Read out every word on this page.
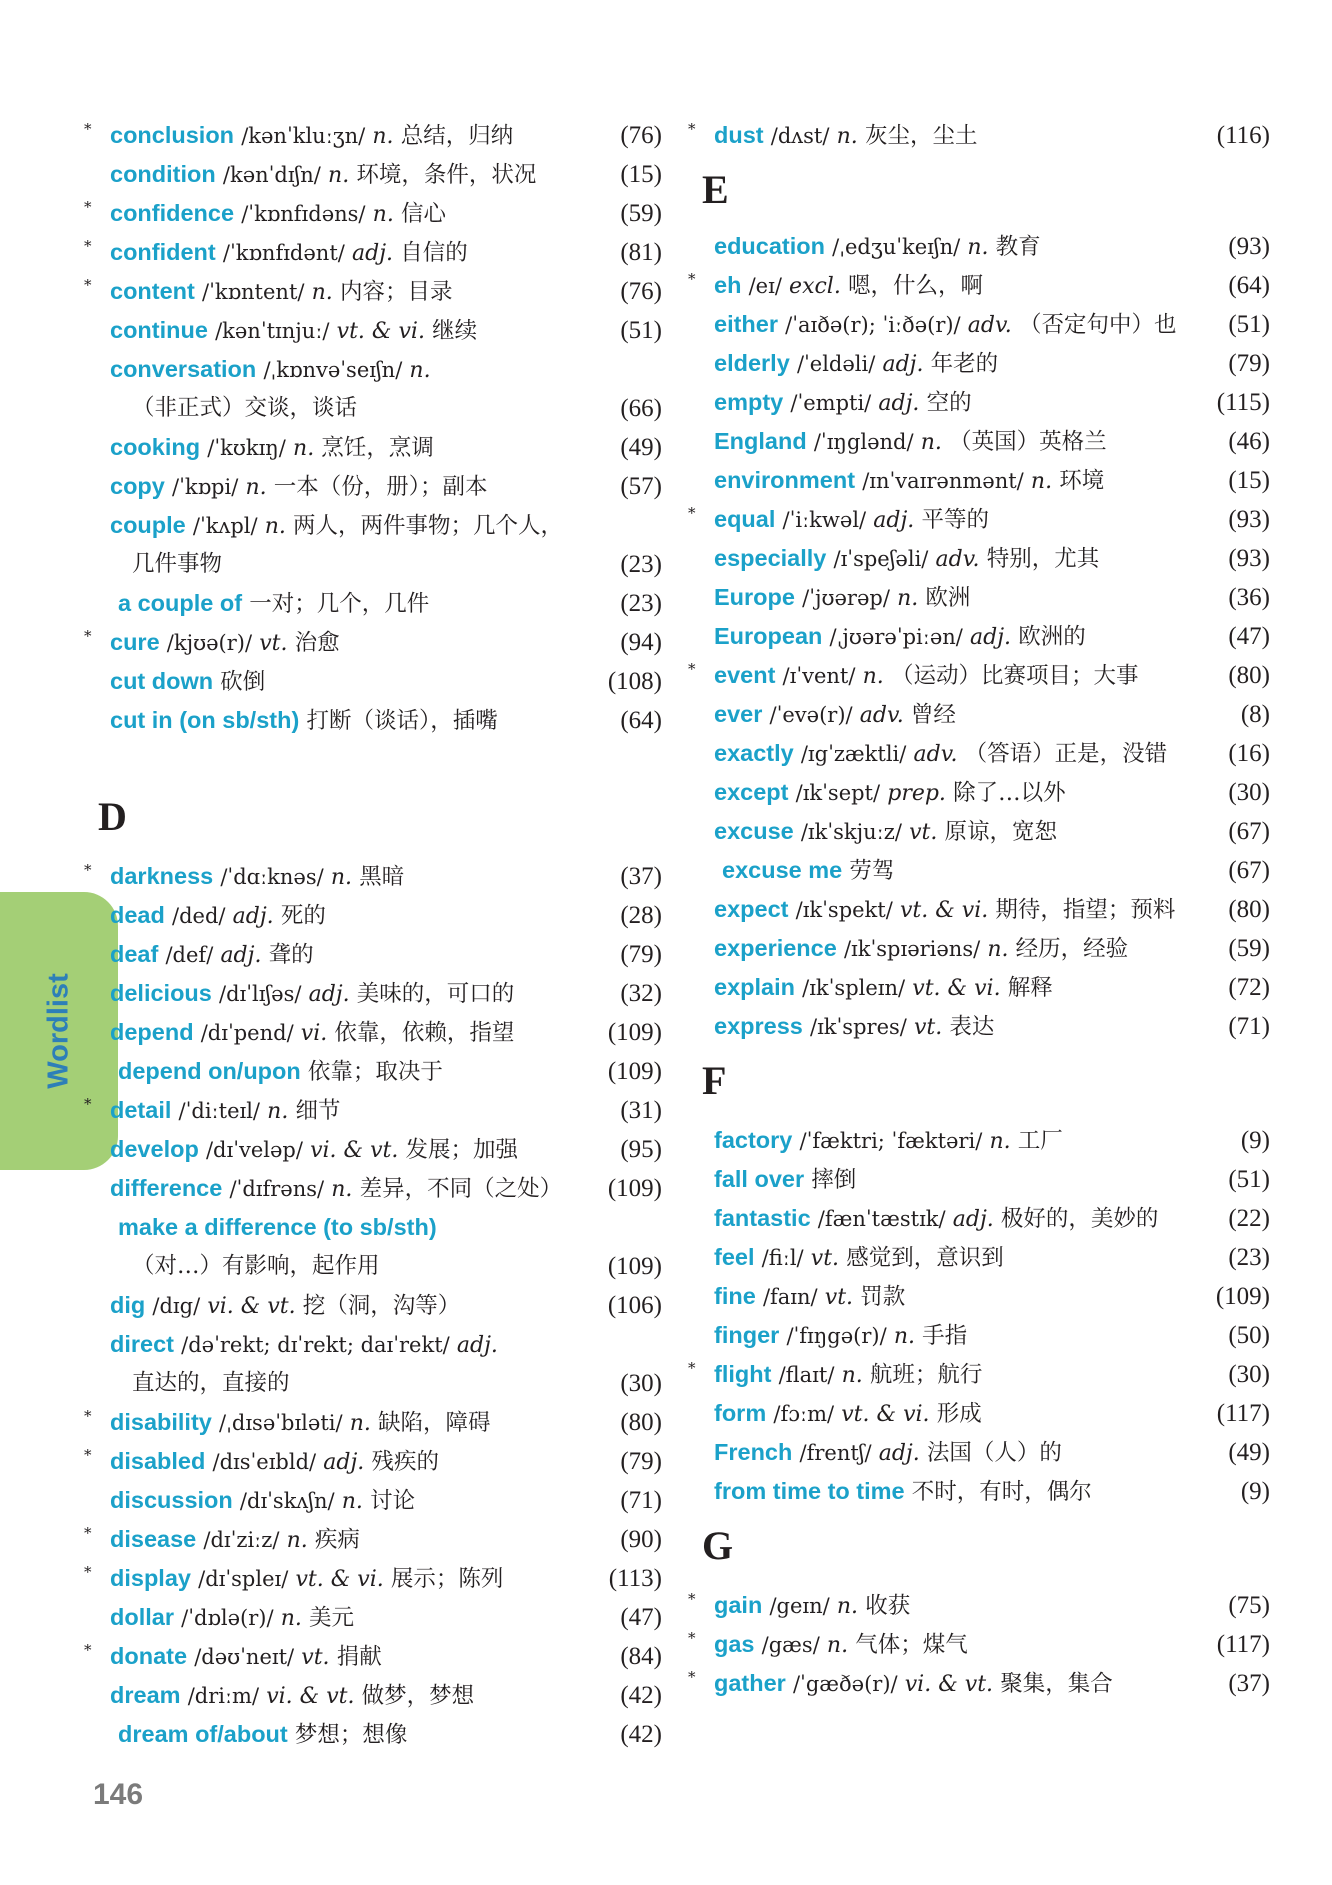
Wordlist
* conclusion /kənˈkluːʒn/ n. 总结，归纳	(76)
condition /kənˈdɪʃn/ n. 环境，条件，状况	(15)
* confidence /ˈkɒnfɪdəns/ n. 信心	(59)
* confident /ˈkɒnfɪdənt/ adj. 自信的	(81)
* content /ˈkɒntent/ n. 内容；目录	(76)
continue /kənˈtɪnjuː/ vt. & vi. 继续	(51)
conversation /ˌkɒnvəˈseɪʃn/ n.
（非正式）交谈，谈话	(66)
cooking /ˈkʊkɪŋ/ n. 烹饪，烹调	(49)
copy /ˈkɒpi/ n. 一本（份，册）；副本	(57)
couple /ˈkʌpl/ n. 两人，两件事物；几个人，
几件事物	(23)
a couple of 一对；几个，几件	(23)
* cure /kjʊə(r)/ vt. 治愈	(94)
cut down 砍倒	(108)
cut in (on sb/sth) 打断（谈话），插嘴	(64)
D
* darkness /ˈdɑːknəs/ n. 黑暗	(37)
dead /ded/ adj. 死的	(28)
deaf /def/ adj. 聋的	(79)
delicious /dɪˈlɪʃəs/ adj. 美味的，可口的	(32)
depend /dɪˈpend/ vi. 依靠，依赖，指望	(109)
depend on/upon 依靠；取决于	(109)
* detail /ˈdiːteɪl/ n. 细节	(31)
develop /dɪˈveləp/ vi. & vt. 发展；加强	(95)
difference /ˈdɪfrəns/ n. 差异，不同（之处） (109)
make a difference (to sb/sth)
（对…）有影响，起作用	(109)
dig /dɪg/ vi. & vt. 挖（洞，沟等）	(106)
direct /dəˈrekt; dɪˈrekt; daɪˈrekt/ adj.
直达的，直接的	(30)
* disability /ˌdɪsəˈbɪləti/ n. 缺陷，障碍	(80)
* disabled /dɪsˈeɪbld/ adj. 残疾的	(79)
discussion /dɪˈskʌʃn/ n. 讨论	(71)
* disease /dɪˈziːz/ n. 疾病	(90)
* display /dɪˈspleɪ/ vt. & vi. 展示；陈列	(113)
dollar /ˈdɒlə(r)/ n. 美元	(47)
* donate /dəʊˈneɪt/ vt. 捐献	(84)
dream /driːm/ vi. & vt. 做梦，梦想	(42)
dream of/about 梦想；想像	(42)
* dust /dʌst/ n. 灰尘，尘土	(116)
E
education /ˌedʒuˈkeɪʃn/ n. 教育	(93)
* eh /eɪ/ excl. 嗯，什么，啊	(64)
either /ˈaɪðə(r); ˈiːðə(r)/ adv. （否定句中）也 (51)
elderly /ˈeldəli/ adj. 年老的	(79)
empty /ˈempti/ adj. 空的	(115)
England /ˈɪŋglənd/ n. （英国）英格兰	(46)
environment /ɪnˈvaɪrənmənt/ n. 环境	(15)
* equal /ˈiːkwəl/ adj. 平等的	(93)
especially /ɪˈspeʃəli/ adv. 特别，尤其	(93)
Europe /ˈjʊərəp/ n. 欧洲	(36)
European /ˌjʊərəˈpiːən/ adj. 欧洲的	(47)
* event /ɪˈvent/ n. （运动）比赛项目；大事	(80)
ever /ˈevə(r)/ adv. 曾经	(8)
exactly /ɪgˈzæktli/ adv. （答语）正是，没错 (16)
except /ɪkˈsept/ prep. 除了…以外	(30)
excuse /ɪkˈskjuːz/ vt. 原谅，宽恕	(67)
excuse me 劳驾	(67)
expect /ɪkˈspekt/ vt. & vi. 期待，指望；预料 (80)
experience /ɪkˈspɪəriəns/ n. 经历，经验	(59)
explain /ɪkˈspleɪn/ vt. & vi. 解释	(72)
express /ɪkˈspres/ vt. 表达	(71)
F
factory /ˈfæktri; ˈfæktəri/ n. 工厂	(9)
fall over 摔倒	(51)
fantastic /fænˈtæstɪk/ adj. 极好的，美妙的	(22)
feel /fiːl/ vt. 感觉到，意识到	(23)
fine /faɪn/ vt. 罚款	(109)
finger /ˈfɪŋgə(r)/ n. 手指	(50)
* flight /flaɪt/ n. 航班；航行	(30)
form /fɔːm/ vt. & vi. 形成	(117)
French /frentʃ/ adj. 法国（人）的	(49)
from time to time 不时，有时，偶尔	(9)
G
* gain /geɪn/ n. 收获	(75)
* gas /gæs/ n. 气体；煤气	(117)
* gather /ˈgæðə(r)/ vi. & vt. 聚集，集合	(37)
146
